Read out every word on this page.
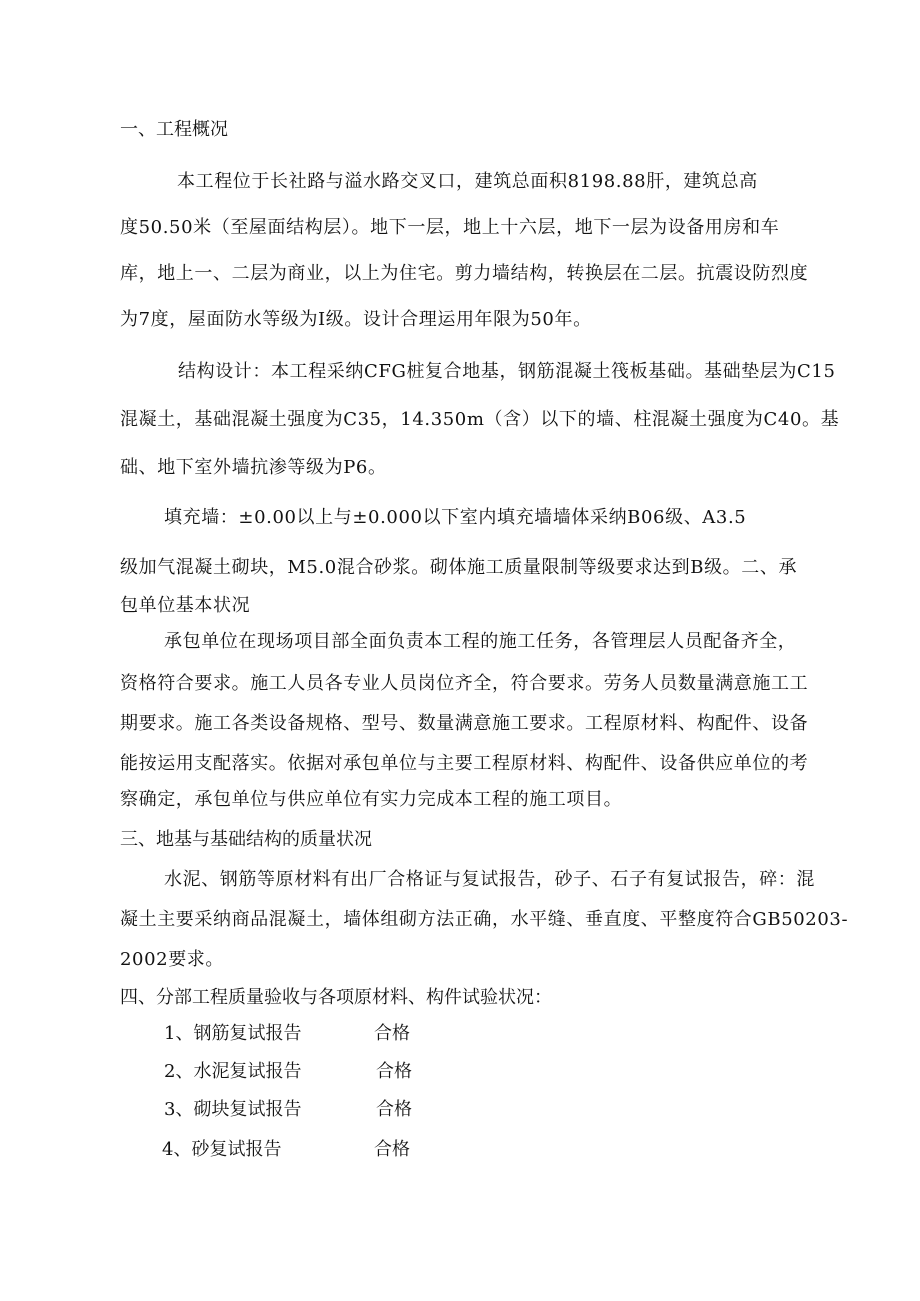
一、工程概况
本工程位于长社路与溢水路交叉口，建筑总面积8198.88肝，建筑总高
度50.50米（至屋面结构层）。地下一层，地上十六层，地下一层为设备用房和车
库，地上一、二层为商业，以上为住宅。剪力墙结构，转换层在二层。抗震设防烈度
为7度，屋面防水等级为Ⅰ级。设计合理运用年限为50年。
结构设计：本工程采纳CFG桩复合地基，钢筋混凝土筏板基础。基础垫层为C15
混凝土，基础混凝土强度为C35，14.350m（含）以下的墙、柱混凝土强度为C40。基
础、地下室外墙抗渗等级为P6。
填充墙：±0.00以上与±0.000以下室内填充墙墙体采纳B06级、A3.5
级加气混凝土砌块，M5.0混合砂浆。砌体施工质量限制等级要求达到B级。二、承
包单位基本状况
承包单位在现场项目部全面负责本工程的施工任务，各管理层人员配备齐全，
资格符合要求。施工人员各专业人员岗位齐全，符合要求。劳务人员数量满意施工工
期要求。施工各类设备规格、型号、数量满意施工要求。工程原材料、构配件、设备
能按运用支配落实。依据对承包单位与主要工程原材料、构配件、设备供应单位的考
察确定，承包单位与供应单位有实力完成本工程的施工项目。
三、地基与基础结构的质量状况
水泥、钢筋等原材料有出厂合格证与复试报告，砂子、石子有复试报告，碎：混
凝土主要采纳商品混凝土，墙体组砌方法正确，水平缝、垂直度、平整度符合GB50203-
2002要求。
四、分部工程质量验收与各项原材料、构件试验状况：
1、钢筋复试报告	合格
2、水泥复试报告	合格
3、砌块复试报告	合格
4、砂复试报告	合格
